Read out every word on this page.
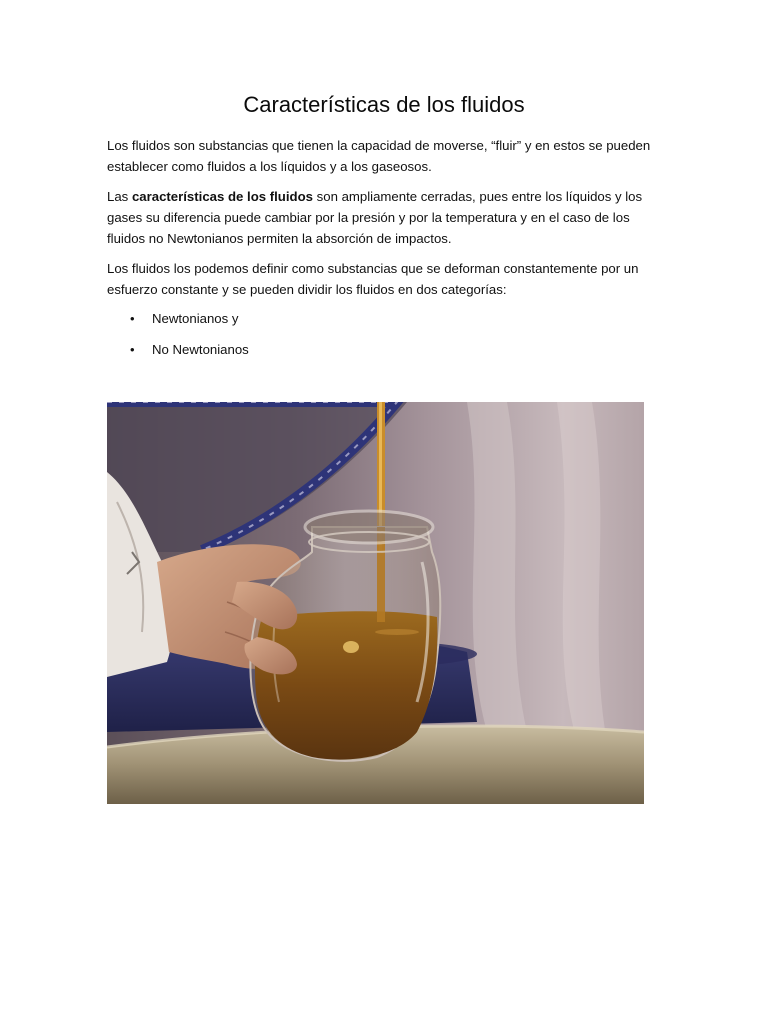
Características de los fluidos

Los fluidos son substancias que tienen la capacidad de moverse, “fluir” y en estos se pueden establecer como fluidos a los líquidos y a los gaseosos.

Las características de los fluidos son ampliamente cerradas, pues entre los líquidos y los gases su diferencia puede cambiar por la presión y por la temperatura y en el caso de los fluidos no Newtonianos permiten la absorción de impactos.

Los fluidos los podemos definir como substancias que se deforman constantemente por un esfuerzo constante y se pueden dividir los fluidos en dos categorías:

• Newtonianos y
• No Newtonianos
